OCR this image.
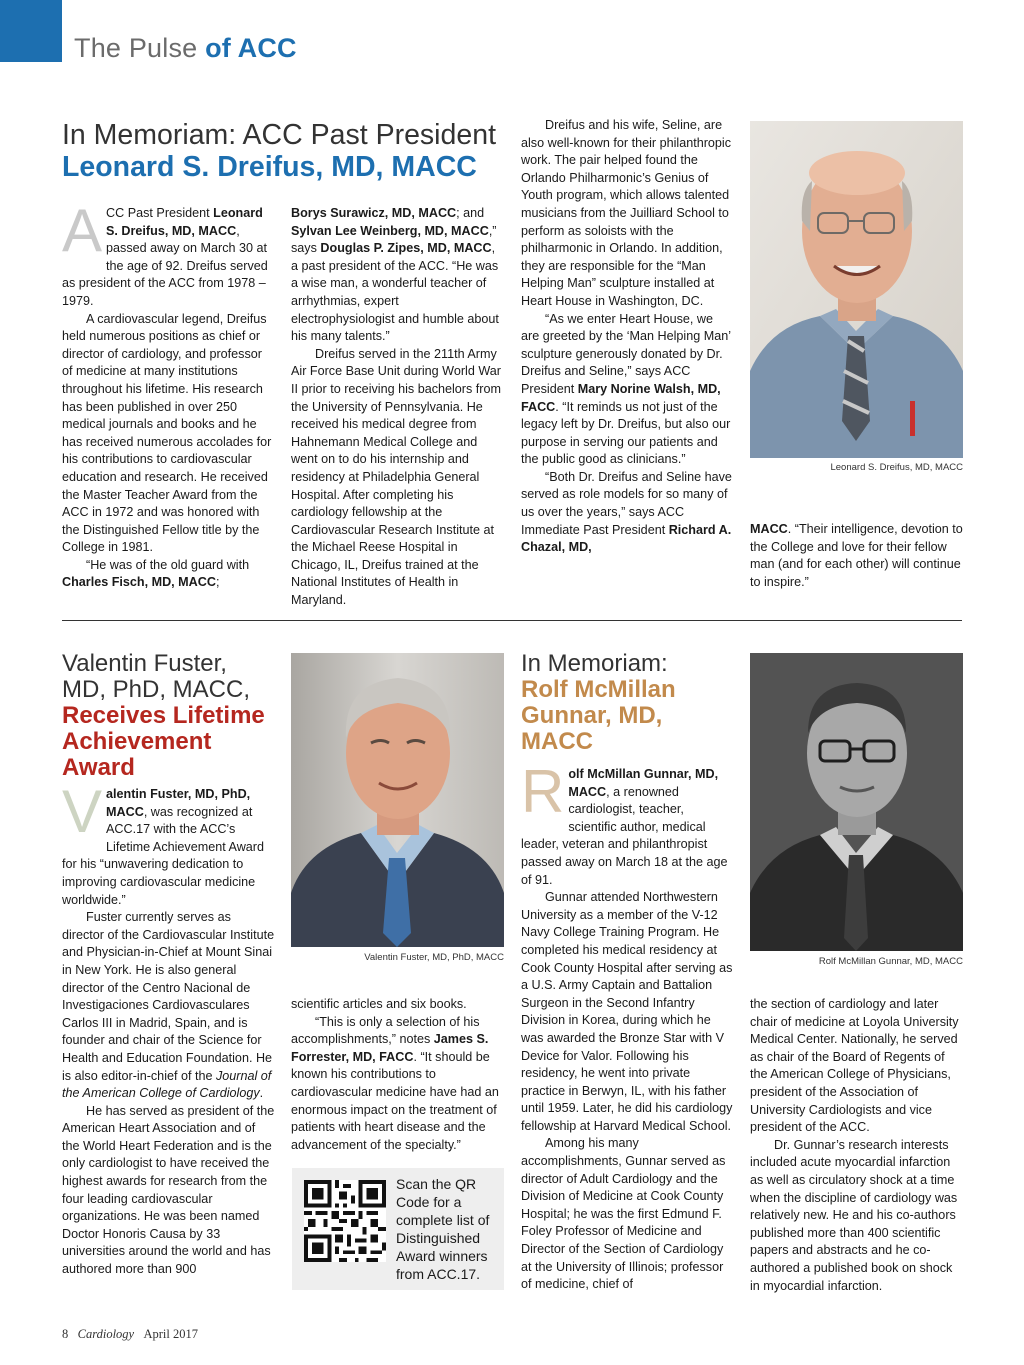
The Pulse of ACC
In Memoriam: ACC Past President
Leonard S. Dreifus, MD, MACC
A CC Past President Leonard S. Dreifus, MD, MACC, passed away on March 30 at the age of 92. Dreifus served as president of the ACC from 1978 – 1979.

A cardiovascular legend, Dreifus held numerous positions as chief or director of cardiology, and professor of medicine at many institutions throughout his lifetime. His research has been published in over 250 medical journals and books and he has received numerous accolades for his contributions to cardiovascular education and research. He received the Master Teacher Award from the ACC in 1972 and was honored with the Distinguished Fellow title by the College in 1981.

“He was of the old guard with Charles Fisch, MD, MACC;

Borys Surawicz, MD, MACC; and Sylvan Lee Weinberg, MD, MACC,” says Douglas P. Zipes, MD, MACC, a past president of the ACC. “He was a wise man, a wonderful teacher of arrhythmias, expert electrophysiologist and humble about his many talents.”

Dreifus served in the 211th Army Air Force Base Unit during World War II prior to receiving his bachelors from the University of Pennsylvania. He received his medical degree from Hahnemann Medical College and went on to do his internship and residency at Philadelphia General Hospital. After completing his cardiology fellowship at the Cardiovascular Research Institute at the Michael Reese Hospital in Chicago, IL, Dreifus trained at the National Institutes of Health in Maryland.

Dreifus and his wife, Seline, are also well-known for their philanthropic work. The pair helped found the Orlando Philharmonic’s Genius of Youth program, which allows talented musicians from the Juilliard School to perform as soloists with the philharmonic in Orlando. In addition, they are responsible for the “Man Helping Man” sculpture installed at Heart House in Washington, DC.

“As we enter Heart House, we are greeted by the ‘Man Helping Man’ sculpture generously donated by Dr. Dreifus and Seline,” says ACC President Mary Norine Walsh, MD, FACC. “It reminds us not just of the legacy left by Dr. Dreifus, but also our purpose in serving our patients and the public good as clinicians.”

“Both Dr. Dreifus and Seline have served as role models for so many of us over the years,” says ACC Immediate Past President Richard A. Chazal, MD,

Leonard S. Dreifus, MD, MACC

MACC. “Their intelligence, devotion to the College and love for their fellow man (and for each other) will continue to inspire.”

Valentin Fuster,
MD, PhD, MACC,
Receives Lifetime
Achievement
Award
V alentin Fuster, MD, PhD, MACC, was recognized at ACC.17 with the ACC’s Lifetime Achievement Award for his “unwavering dedication to improving cardiovascular medicine worldwide.”

Fuster currently serves as director of the Cardiovascular Institute and Physician-in-Chief at Mount Sinai in New York. He is also general director of the Centro Nacional de Investigaciones Cardiovasculares Carlos III in Madrid, Spain, and is founder and chair of the Science for Health and Education Foundation. He is also editor-in-chief of the Journal of the American College of Cardiology.

He has served as president of the American Heart Association and of the World Heart Federation and is the only cardiologist to have received the highest awards for research from the four leading cardiovascular organizations. He was been named Doctor Honoris Causa by 33 universities around the world and has authored more than 900

Valentin Fuster, MD, PhD, MACC

scientific articles and six books.

“This is only a selection of his accomplishments,” notes James S. Forrester, MD, FACC. “It should be known his contributions to cardiovascular medicine have had an enormous impact on the treatment of patients with heart disease and the advancement of the specialty.”

Scan the QR Code for a complete list of Distinguished Award winners from ACC.17.
In Memoriam:
Rolf McMillan
Gunnar, MD,
MACC
R olf McMillan Gunnar, MD, MACC, a renowned cardiologist, teacher, scientific author, medical leader, veteran and philanthropist passed away on March 18 at the age of 91.

Gunnar attended Northwestern University as a member of the V-12 Navy College Training Program. He completed his medical residency at Cook County Hospital after serving as a U.S. Army Captain and Battalion Surgeon in the Second Infantry Division in Korea, during which he was awarded the Bronze Star with V Device for Valor. Following his residency, he went into private practice in Berwyn, IL, with his father until 1959. Later, he did his cardiology fellowship at Harvard Medical School.

Among his many accomplishments, Gunnar served as director of Adult Cardiology and the Division of Medicine at Cook County Hospital; he was the first Edmund F. Foley Professor of Medicine and Director of the Section of Cardiology at the University of Illinois; professor of medicine, chief of

Rolf McMillan Gunnar, MD, MACC

the section of cardiology and later chair of medicine at Loyola University Medical Center. Nationally, he served as chair of the Board of Regents of the American College of Physicians, president of the Association of University Cardiologists and vice president of the ACC.

Dr. Gunnar’s research interests included acute myocardial infarction as well as circulatory shock at a time when the discipline of cardiology was relatively new. He and his co-authors published more than 400 scientific papers and abstracts and he co-authored a published book on shock in myocardial infarction.

8 Cardiology April 2017
